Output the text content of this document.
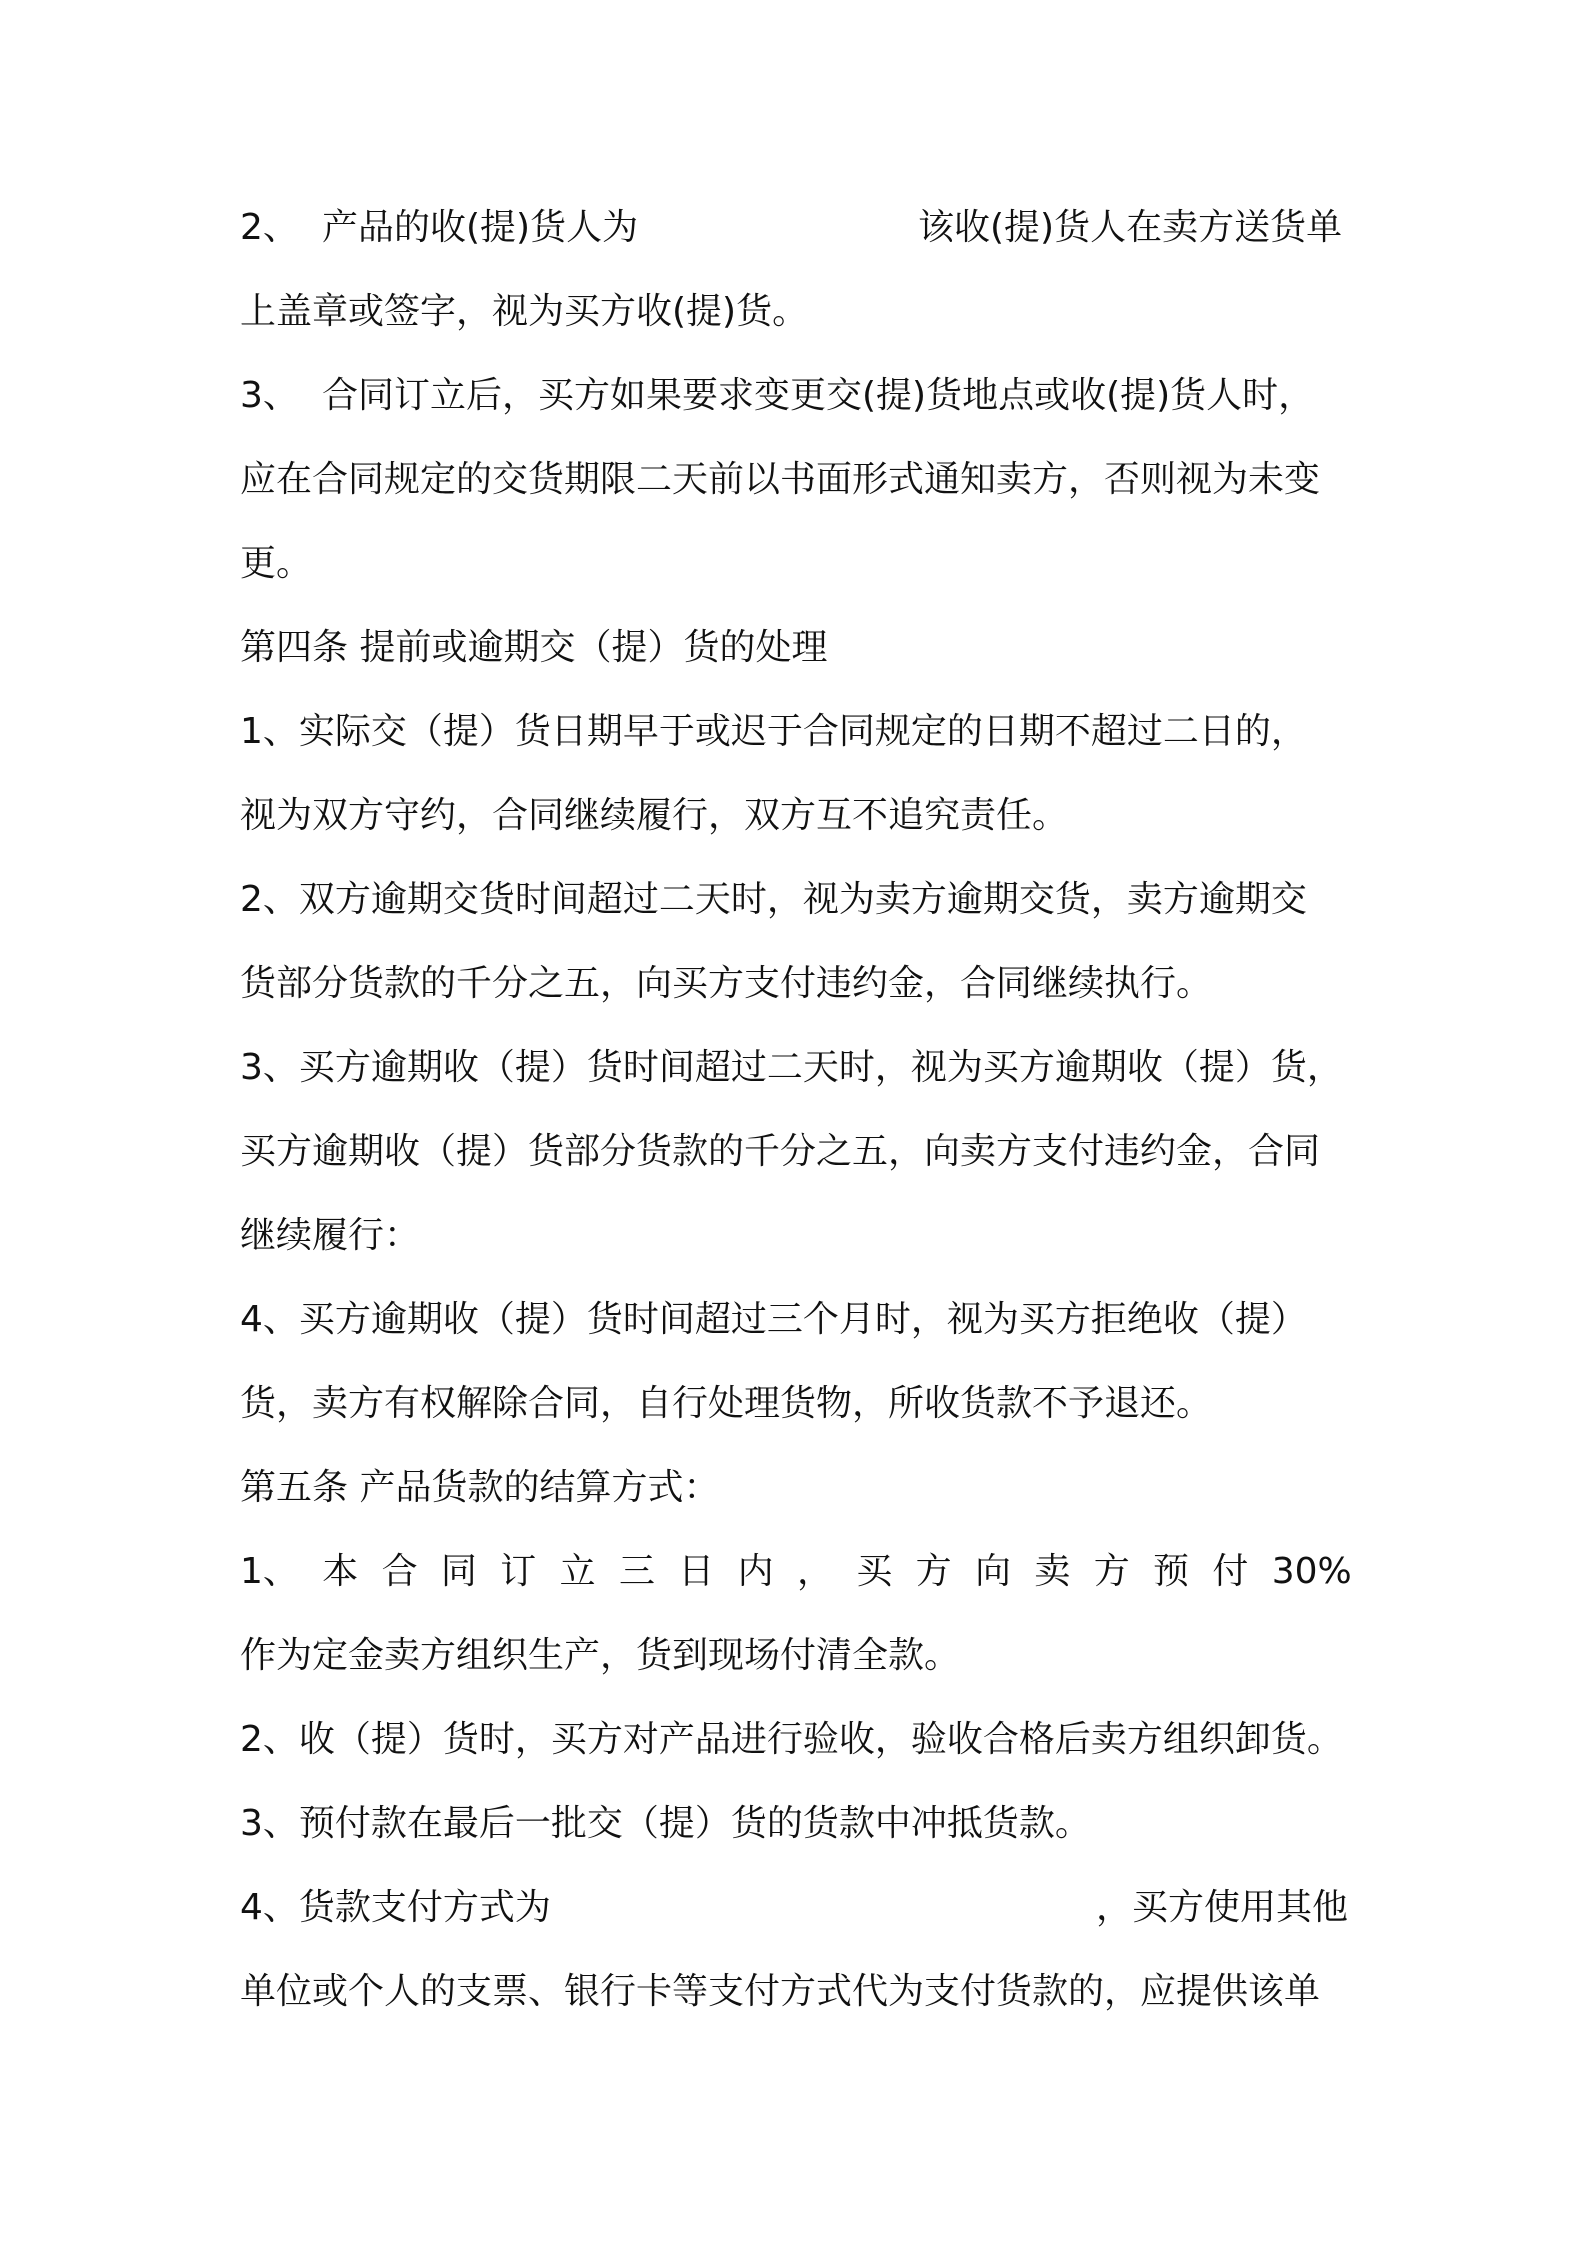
2、 产品的收(提)货人为	该收(提)货人在卖方送货单
上盖章或签字，视为买方收(提)货。
3、 合同订立后，买方如果要求变更交(提)货地点或收(提)货人时，
应在合同规定的交货期限二天前以书面形式通知卖方，否则视为未变
更。
第四条 提前或逾期交（提）货的处理
1、实际交（提）货日期早于或迟于合同规定的日期不超过二日的，
视为双方守约，合同继续履行，双方互不追究责任。
2、双方逾期交货时间超过二天时，视为卖方逾期交货，卖方逾期交
货部分货款的千分之五，向买方支付违约金，合同继续执行。
3、买方逾期收（提）货时间超过二天时，视为买方逾期收（提）货，
买方逾期收（提）货部分货款的千分之五，向卖方支付违约金，合同
继续履行：
4、买方逾期收（提）货时间超过三个月时，视为买方拒绝收（提）
货，卖方有权解除合同，自行处理货物，所收货款不予退还。
第五条 产品货款的结算方式：
1、 本 合 同 订 立 三 日 内 ， 买 方 向 卖 方 预 付 30%
作为定金卖方组织生产，货到现场付清全款。
2、收（提）货时，买方对产品进行验收，验收合格后卖方组织卸货。
3、预付款在最后一批交（提）货的货款中冲抵货款。
4、货款支付方式为	，买方使用其他
单位或个人的支票、银行卡等支付方式代为支付货款的，应提供该单
